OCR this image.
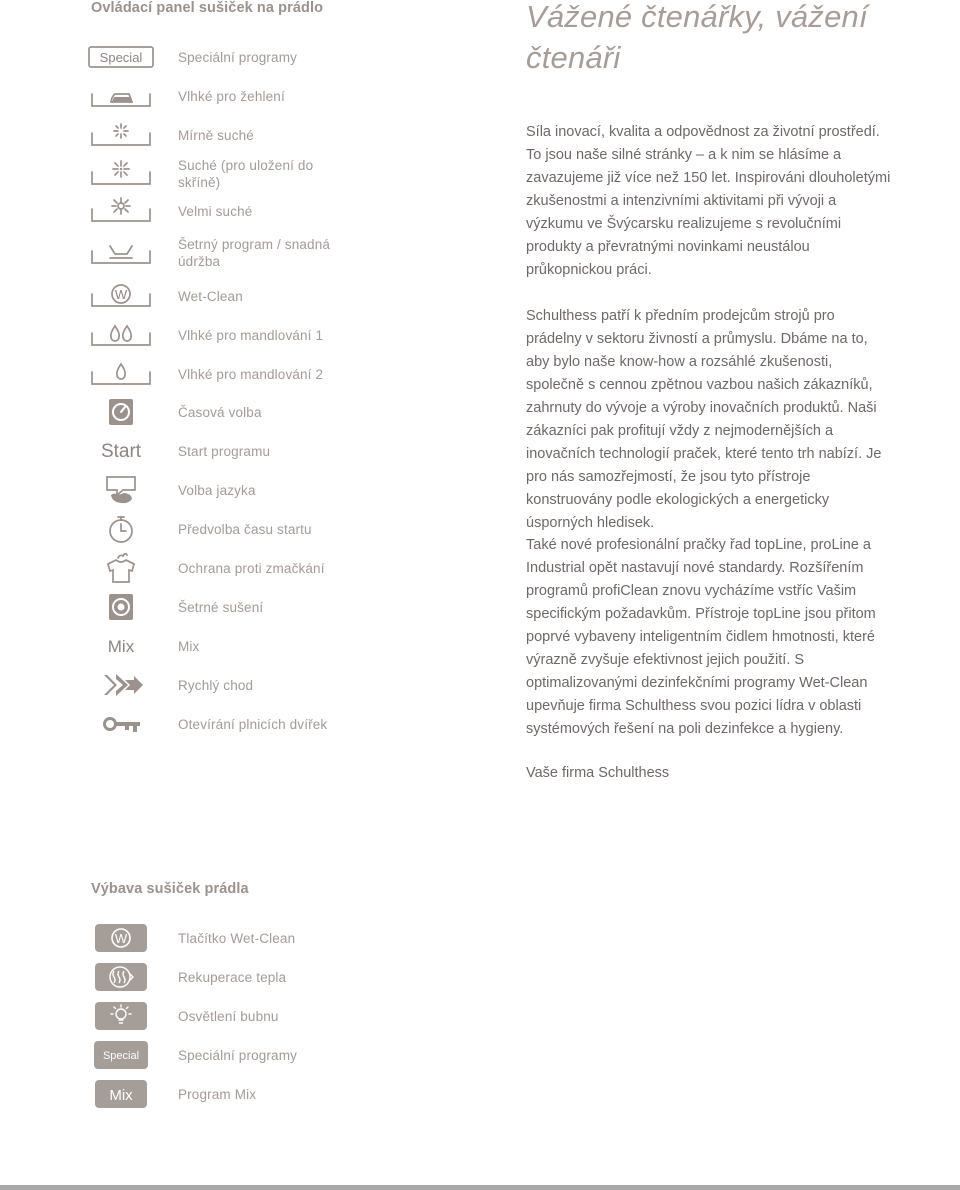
Ovládací panel sušiček na prádlo
Special	Speciální programy
Vlhké pro žehlení
Mírně suché
Suché (pro uložení do skříně)
Velmi suché
Šetrný program / snadná údržba
W	Wet-Clean
Vlhké pro mandlování 1
Vlhké pro mandlování 2
Časová volba
Start	Start programu
Volba jazyka
Předvolba času startu
Ochrana proti zmačkání
Šetrné sušení
Mix	Mix
Rychlý chod
Otevírání plnicích dvířek
Výbava sušiček prádla
W	Tlačítko Wet-Clean
Rekuperace tepla
Osvětlení bubnu
Special	Speciální programy
Mix	Program Mix
Vážené čtenářky, vážení čtenáři

Síla inovací, kvalita a odpovědnost za životní prostředí. To jsou naše silné stránky – a k nim se hlásíme a zavazujeme již více než 150 let. Inspirováni dlouholetými zkušenostmi a intenzivními aktivitami při vývoji a výzkumu ve Švýcarsku realizujeme s revolučními produkty a převratnými novinkami neustálou průkopnickou práci.

Schulthess patří k předním prodejcům strojů pro prádelny v sektoru živností a průmyslu. Dbáme na to, aby bylo naše know-how a rozsáhlé zkušenosti, společně s cennou zpětnou vazbou našich zákazníků, zahrnuty do vývoje a výroby inovačních produktů. Naši zákazníci pak profitují vždy z nejmodernějších a inovačních technologií praček, které tento trh nabízí. Je pro nás samozřejmostí, že jsou tyto přístroje konstruovány podle ekologických a energeticky úsporných hledisek.

Také nové profesionální pračky řad topLine, proLine a Industrial opět nastavují nové standardy. Rozšířením programů profiClean znovu vycházíme vstříc Vašim specifickým požadavkům. Přístroje topLine jsou přitom poprvé vybaveny inteligentním čidlem hmotnosti, které výrazně zvyšuje efektivnost jejich použití. S optimalizovanými dezinfekčními programy Wet-Clean upevňuje firma Schulthess svou pozici lídra v oblasti systémových řešení na poli dezinfekce a hygieny.

Vaše firma Schulthess
